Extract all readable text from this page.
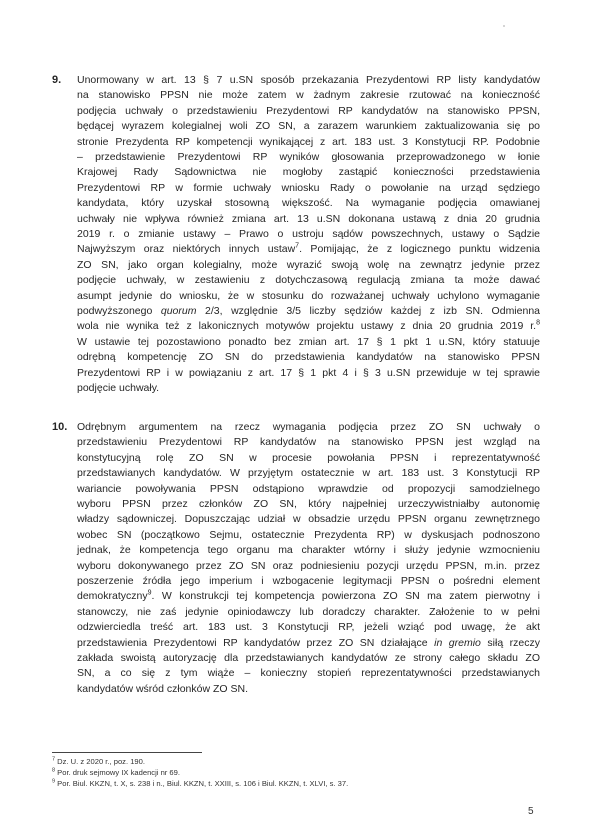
9. Unormowany w art. 13 § 7 u.SN sposób przekazania Prezydentowi RP listy kandydatów
na stanowisko PPSN nie może zatem w żadnym zakresie rzutować na konieczność
podjęcia uchwały o przedstawieniu Prezydentowi RP kandydatów na stanowisko PPSN,
będącej wyrazem kolegialnej woli ZO SN, a zarazem warunkiem zaktualizowania się po
stronie Prezydenta RP kompetencji wynikającej z art. 183 ust. 3 Konstytucji RP. Podobnie
– przedstawienie Prezydentowi RP wyników głosowania przeprowadzonego w łonie
Krajowej Rady Sądownictwa nie mogłoby zastąpić konieczności przedstawienia
Prezydentowi RP w formie uchwały wniosku Rady o powołanie na urząd sędziego
kandydata, który uzyskał stosowną większość. Na wymaganie podjęcia omawianej
uchwały nie wpływa również zmiana art. 13 u.SN dokonana ustawą z dnia 20 grudnia
2019 r. o zmianie ustawy – Prawo o ustroju sądów powszechnych, ustawy o Sądzie
Najwyższym oraz niektórych innych ustaw$^7$. Pomijając, że z logicznego punktu widzenia
ZO SN, jako organ kolegialny, może wyrazić swoją wolę na zewnątrz jedynie przez
podjęcie uchwały, w zestawieniu z dotychczasową regulacją zmiana ta może dawać
asumpt jedynie do wniosku, że w stosunku do rozważanej uchwały uchylono wymaganie
podwyższonego quorum 2/3, względnie 3/5 liczby sędziów każdej z izb SN. Odmienna
wola nie wynika też z lakonicznych motywów projektu ustawy z dnia 20 grudnia 2019 r.$^8$
W ustawie tej pozostawiono ponadto bez zmian art. 17 § 1 pkt 1 u.SN, który statuuje
odrębną kompetencję ZO SN do przedstawienia kandydatów na stanowisko PPSN
Prezydentowi RP i w powiązaniu z art. 17 § 1 pkt 4 i § 3 u.SN przewiduje w tej sprawie
podjęcie uchwały.
10. Odrębnym argumentem na rzecz wymagania podjęcia przez ZO SN uchwały o
przedstawieniu Prezydentowi RP kandydatów na stanowisko PPSN jest wzgląd na
konstytucyjną rolę ZO SN w procesie powołania PPSN i reprezentatywność
przedstawianych kandydatów. W przyjętym ostatecznie w art. 183 ust. 3 Konstytucji RP
wariancie powoływania PPSN odstąpiono wprawdzie od propozycji samodzielnego
wyboru PPSN przez członków ZO SN, który najpełniej urzeczywistniałby autonomię
władzy sądowniczej. Dopuszczając udział w obsadzie urzędu PPSN organu zewnętrznego
wobec SN (początkowo Sejmu, ostatecznie Prezydenta RP) w dyskusjach podnoszono
jednak, że kompetencja tego organu ma charakter wtórny i służy jedynie wzmocnieniu
wyboru dokonywanego przez ZO SN oraz podniesieniu pozycji urzędu PPSN, m.in. przez
poszerzenie źródła jego imperium i wzbogacenie legitymacji PPSN o pośredni element
demokratyczny$^9$. W konstrukcji tej kompetencja powierzona ZO SN ma zatem pierwotny i
stanowczy, nie zaś jedynie opiniodawczy lub doradczy charakter. Założenie to w pełni
odzwierciedla treść art. 183 ust. 3 Konstytucji RP, jeżeli wziąć pod uwagę, że akt
przedstawienia Prezydentowi RP kandydatów przez ZO SN działające in gremio siłą rzeczy
zakłada swoistą autoryzację dla przedstawianych kandydatów ze strony całego składu ZO
SN, a co się z tym wiąże – konieczny stopień reprezentatywności przedstawianych
kandydatów wśród członków ZO SN.
$^7$ Dz. U. z 2020 r., poz. 190.
$^8$ Por. druk sejmowy IX kadencji nr 69.
$^9$ Por. Biul. KKZN, t. X, s. 238 i n., Biul. KKZN, t. XXIII, s. 106 i Biul. KKZN, t. XLVI, s. 37.
5
